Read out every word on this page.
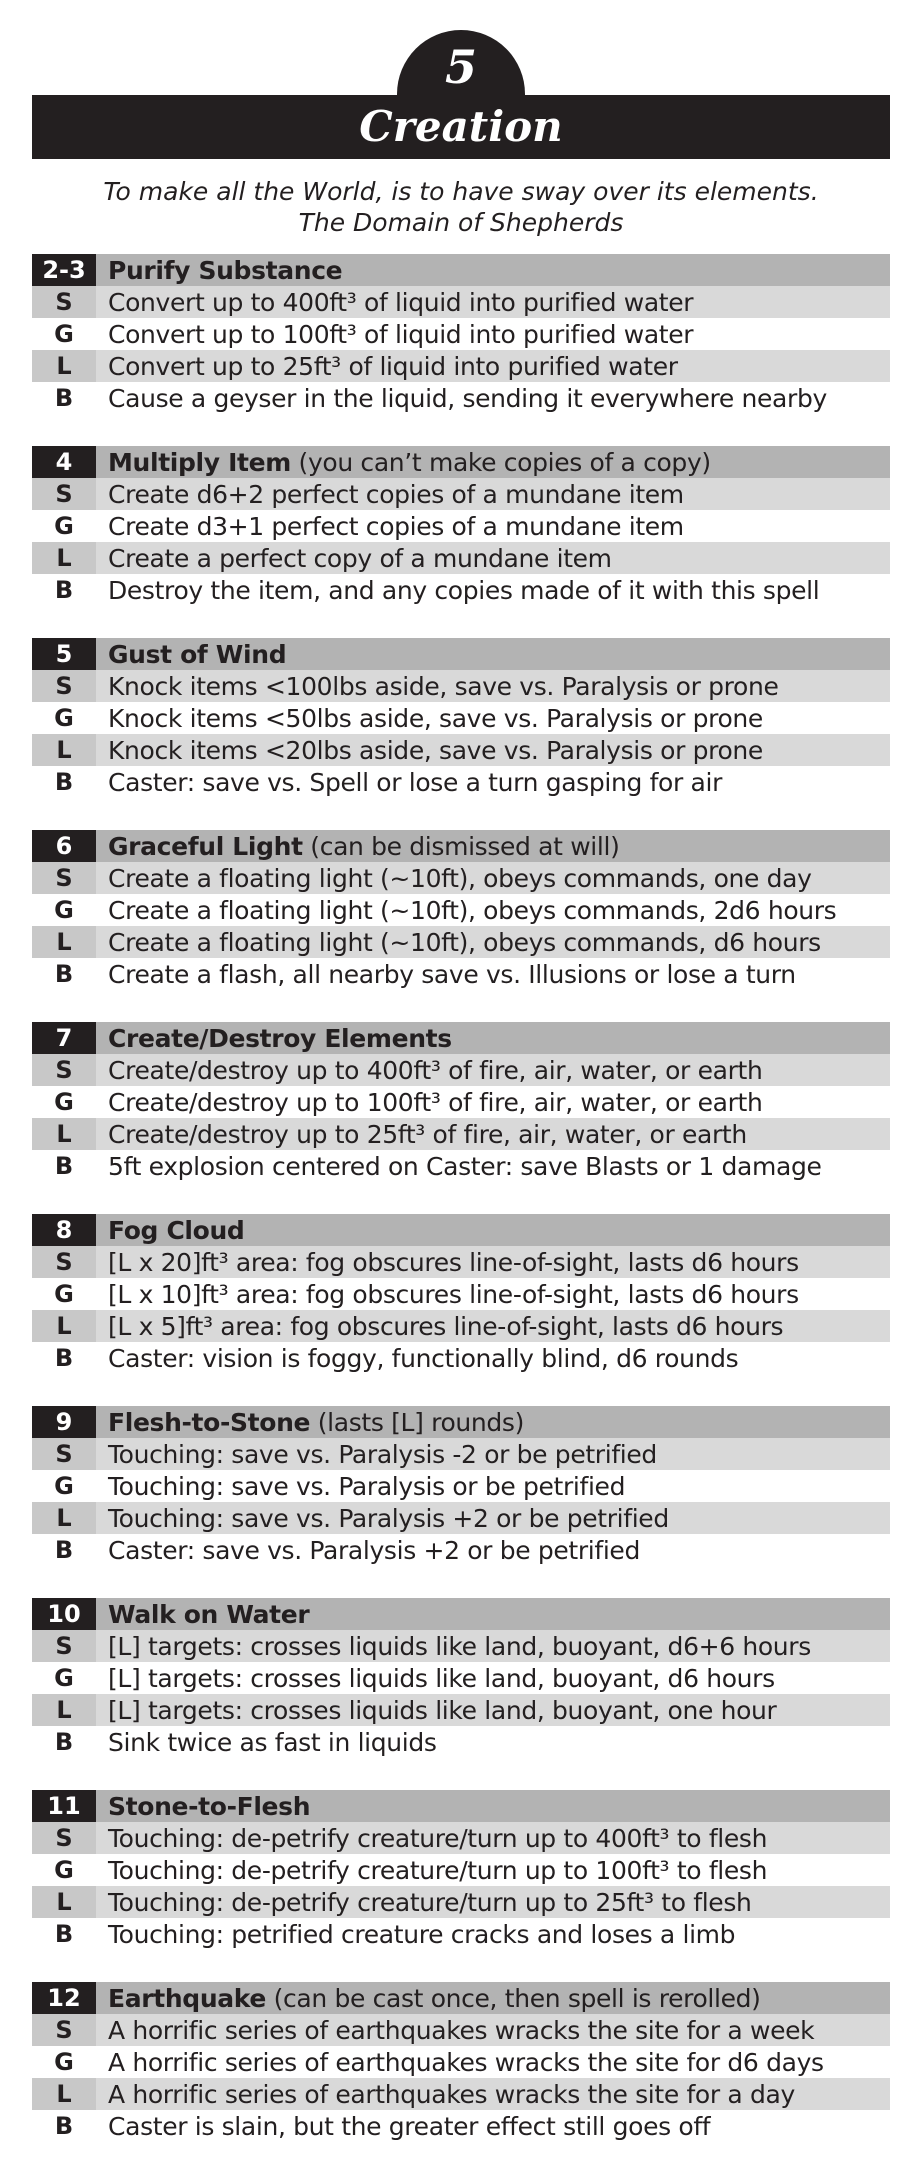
5
Creation
To make all the World, is to have sway over its elements.
The Domain of Shepherds
2-3 Purify Substance
S	Convert up to 400ft³ of liquid into purified water
G	Convert up to 100ft³ of liquid into purified water
L	Convert up to 25ft³ of liquid into purified water
B	Cause a geyser in the liquid, sending it everywhere nearby
4	Multiply Item (you can’t make copies of a copy)
S	Create d6+2 perfect copies of a mundane item
G	Create d3+1 perfect copies of a mundane item
L	Create a perfect copy of a mundane item
B	Destroy the item, and any copies made of it with this spell
5	Gust of Wind
S	Knock items <100lbs aside, save vs. Paralysis or prone
G	Knock items <50lbs aside, save vs. Paralysis or prone
L	Knock items <20lbs aside, save vs. Paralysis or prone
B	Caster: save vs. Spell or lose a turn gasping for air
6	Graceful Light (can be dismissed at will)
S	Create a floating light (~10ft), obeys commands, one day
G	Create a floating light (~10ft), obeys commands, 2d6 hours
L	Create a floating light (~10ft), obeys commands, d6 hours
B	Create a flash, all nearby save vs. Illusions or lose a turn
7	Create/Destroy Elements
S	Create/destroy up to 400ft³ of fire, air, water, or earth
G	Create/destroy up to 100ft³ of fire, air, water, or earth
L	Create/destroy up to 25ft³ of fire, air, water, or earth
B	5ft explosion centered on Caster: save Blasts or 1 damage
8	Fog Cloud
S	[L x 20]ft³ area: fog obscures line-of-sight, lasts d6 hours
G	[L x 10]ft³ area: fog obscures line-of-sight, lasts d6 hours
L	[L x 5]ft³ area: fog obscures line-of-sight, lasts d6 hours
B	Caster: vision is foggy, functionally blind, d6 rounds
9	Flesh-to-Stone (lasts [L] rounds)
S	Touching: save vs. Paralysis -2 or be petrified
G	Touching: save vs. Paralysis or be petrified
L	Touching: save vs. Paralysis +2 or be petrified
B	Caster: save vs. Paralysis +2 or be petrified
10	Walk on Water
S	[L] targets: crosses liquids like land, buoyant, d6+6 hours
G	[L] targets: crosses liquids like land, buoyant, d6 hours
L	[L] targets: crosses liquids like land, buoyant, one hour
B	Sink twice as fast in liquids
11	Stone-to-Flesh
S	Touching: de-petrify creature/turn up to 400ft³ to flesh
G	Touching: de-petrify creature/turn up to 100ft³ to flesh
L	Touching: de-petrify creature/turn up to 25ft³ to flesh
B	Touching: petrified creature cracks and loses a limb
12	Earthquake (can be cast once, then spell is rerolled)
S	A horrific series of earthquakes wracks the site for a week
G	A horrific series of earthquakes wracks the site for d6 days
L	A horrific series of earthquakes wracks the site for a day
B	Caster is slain, but the greater effect still goes off
